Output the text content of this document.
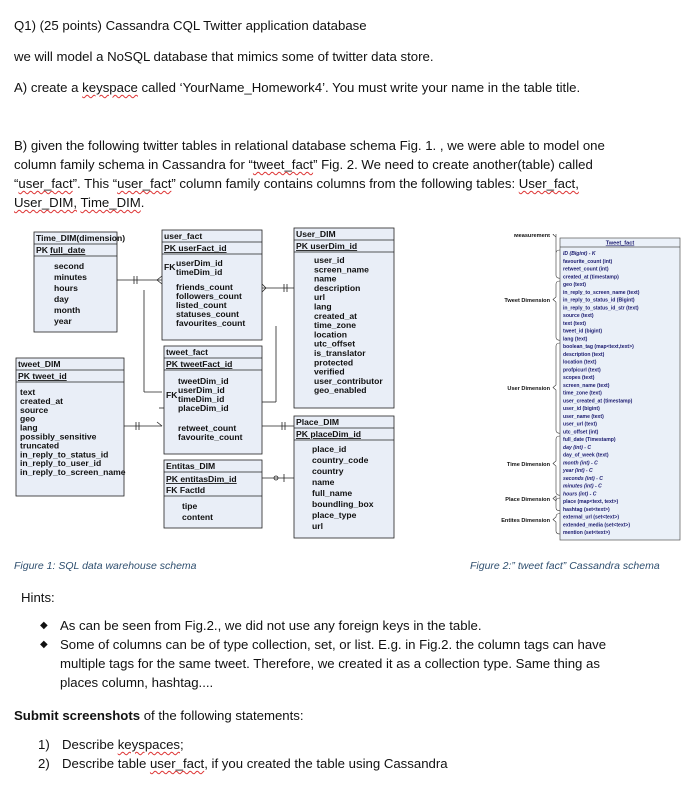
Q1) (25 points) Cassandra CQL Twitter application database

we will model a NoSQL database that mimics some of twitter data store.

A) create a keyspace called ‘YourName_Homework4’. You must write your name in the table title.

B) given the following twitter tables in relational database schema Fig. 1. , we were able to model one

column family schema in Cassandra for “tweet_fact” Fig. 2. We need to create another(table) called

“user_fact”. This “user_fact” column family contains columns from the following tables: User_fact,

User_DIM, Time_DIM.

Time_DIM(dimension)
PK full_date
second
minutes
hours
day
month
year
user_fact
PK userFact_id
FK userDim_id
timeDim_id
friends_count
followers_count
listed_count
statuses_count
favourites_count
User_DIM
PK userDim_id
user_id
screen_name
name
description
url
lang
created_at
time_zone
location
utc_offset
is_translator
protected
verified
user_contributor
geo_enabled
tweet_DIM
PK tweet_id
text
created_at
source
geo
lang
possibly_sensitive
truncated
in_reply_to_status_id
in_reply_to_user_id
in_reply_to_screen_name
tweet_fact
PK tweetFact_id
FK
tweetDim_id
userDim_id
timeDim_id
placeDim_id
retweet_count
favourite_count
Place_DIM
PK placeDim_id
place_id
country_code
country
name
full_name
boundling_box
place_type
url
Entitas_DIM
PK entitasDim_id
FK FactId
tipe
content
Figure 1: SQL data warehouse schema
Tweet_fact
ID (Bigint) - K
favourite_count (int)
retweet_count (int)
created_at (timestamp)
geo (text)
in_reply_to_screen_name (text)
in_reply_to_status_id (Bigint)
in_reply_to_status_id_str (text)
source (text)
text (text)
tweet_id (bigint)
lang (text)
boolean_tag (map<text,text>)
description (text)
location (text)
profpicurl (text)
scopes (text)
screen_name (text)
time_zone (text)
user_created_at (timestamp)
user_id (bigint)
user_name (text)
user_url (text)
utc_offset (int)
full_date (Timestamp)
day (int) - C
day_of_week (text)
month (int) - C
year (int) - C
seconds (int) - C
minutes (int) - C
hours (int) - C
place (map<text, text>)
hashtag (set<text>)
external_url (set<text>)
extended_media (set<text>)
mention (set<text>)
Measurement
Tweet Dimension
User Dimension
Time Dimension
Place Dimension
Entites Dimension
Figure 2:” tweet fact” Cassandra schema

Hints:

◆ As can be seen from Fig.2., we did not use any foreign keys in the table.
◆ Some of columns can be of type collection, set, or list. E.g. in Fig.2. the column tags can have
multiple tags for the same tweet. Therefore, we created it as a collection type. Same thing as
places column, hashtag....

Submit screenshots of the following statements:

1) Describe keyspaces;
2) Describe table user_fact, if you created the table using Cassandra
